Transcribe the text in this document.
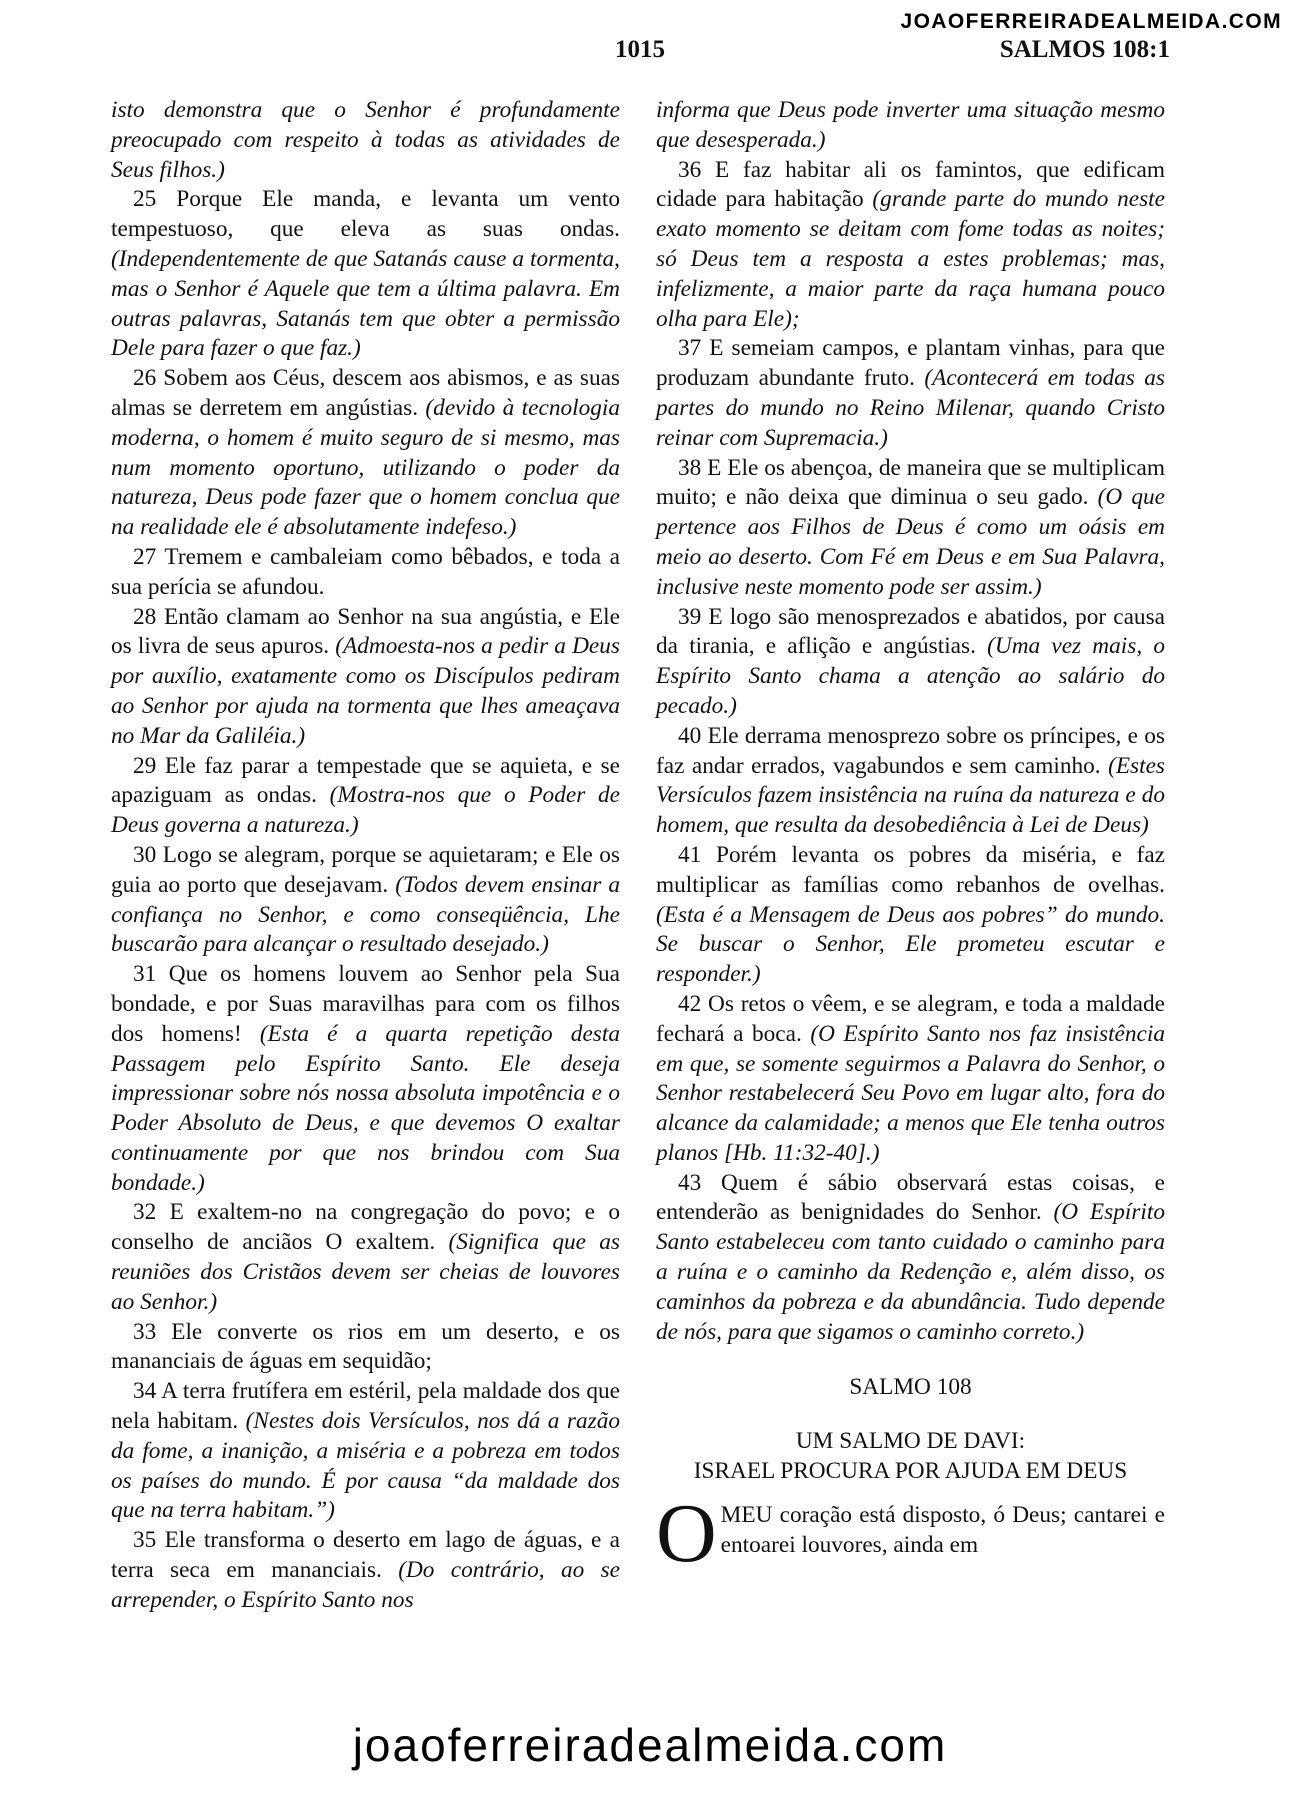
JOAOFERREIRADEALMEIDA.COM
1015	SALMOS 108:1

isto demonstra que o Senhor é profundamente preocupado com respeito à todas as atividades de Seus filhos.)

25 Porque Ele manda, e levanta um vento tempestuoso, que eleva as suas ondas. (Independentemente de que Satanás cause a tormenta, mas o Senhor é Aquele que tem a última palavra. Em outras palavras, Satanás tem que obter a permissão Dele para fazer o que faz.)

26 Sobem aos Céus, descem aos abismos, e as suas almas se derretem em angústias. (devido à tecnologia moderna, o homem é muito seguro de si mesmo, mas num momento oportuno, utilizando o poder da natureza, Deus pode fazer que o homem conclua que na realidade ele é absolutamente indefeso.)

27 Tremem e cambaleiam como bêbados, e toda a sua perícia se afundou.

28 Então clamam ao Senhor na sua angústia, e Ele os livra de seus apuros. (Admoesta-nos a pedir a Deus por auxílio, exatamente como os Discípulos pediram ao Senhor por ajuda na tormenta que lhes ameaçava no Mar da Galiléia.)

29 Ele faz parar a tempestade que se aquieta, e se apaziguam as ondas. (Mostra-nos que o Poder de Deus governa a natureza.)

30 Logo se alegram, porque se aquietaram; e Ele os guia ao porto que desejavam. (Todos devem ensinar a confiança no Senhor, e como conseqüência, Lhe buscarão para alcançar o resultado desejado.)

31 Que os homens louvem ao Senhor pela Sua bondade, e por Suas maravilhas para com os filhos dos homens! (Esta é a quarta repetição desta Passagem pelo Espírito Santo. Ele deseja impressionar sobre nós nossa absoluta impotência e o Poder Absoluto de Deus, e que devemos O exaltar continuamente por que nos brindou com Sua bondade.)

32 E exaltem-no na congregação do povo; e o conselho de anciãos O exaltem. (Significa que as reuniões dos Cristãos devem ser cheias de louvores ao Senhor.)

33 Ele converte os rios em um deserto, e os mananciais de águas em sequidão;

34 A terra frutífera em estéril, pela maldade dos que nela habitam. (Nestes dois Versículos, nos dá a razão da fome, a inanição, a miséria e a pobreza em todos os países do mundo. É por causa “da maldade dos que na terra habitam.”)

35 Ele transforma o deserto em lago de águas, e a terra seca em mananciais. (Do contrário, ao se arrepender, o Espírito Santo nos

informa que Deus pode inverter uma situação mesmo que desesperada.)

36 E faz habitar ali os famintos, que edificam cidade para habitação (grande parte do mundo neste exato momento se deitam com fome todas as noites; só Deus tem a resposta a estes problemas; mas, infelizmente, a maior parte da raça humana pouco olha para Ele);

37 E semeiam campos, e plantam vinhas, para que produzam abundante fruto. (Acontecerá em todas as partes do mundo no Reino Milenar, quando Cristo reinar com Supremacia.)

38 E Ele os abençoa, de maneira que se multiplicam muito; e não deixa que diminua o seu gado. (O que pertence aos Filhos de Deus é como um oásis em meio ao deserto. Com Fé em Deus e em Sua Palavra, inclusive neste momento pode ser assim.)

39 E logo são menosprezados e abatidos, por causa da tirania, e aflição e angústias. (Uma vez mais, o Espírito Santo chama a atenção ao salário do pecado.)

40 Ele derrama menosprezo sobre os príncipes, e os faz andar errados, vagabundos e sem caminho. (Estes Versículos fazem insistência na ruína da natureza e do homem, que resulta da desobediência à Lei de Deus)

41 Porém levanta os pobres da miséria, e faz multiplicar as famílias como rebanhos de ovelhas. (Esta é a Mensagem de Deus aos pobres” do mundo. Se buscar o Senhor, Ele prometeu escutar e responder.)

42 Os retos o vêem, e se alegram, e toda a maldade fechará a boca. (O Espírito Santo nos faz insistência em que, se somente seguirmos a Palavra do Senhor, o Senhor restabelecerá Seu Povo em lugar alto, fora do alcance da calamidade; a menos que Ele tenha outros planos [Hb. 11:32-40].)

43 Quem é sábio observará estas coisas, e entenderão as benignidades do Senhor. (O Espírito Santo estabeleceu com tanto cuidado o caminho para a ruína e o caminho da Redenção e, além disso, os caminhos da pobreza e da abundância. Tudo depende de nós, para que sigamos o caminho correto.)

SALMO 108

UM SALMO DE DAVI:
ISRAEL PROCURA POR AJUDA EM DEUS

OMEU coração está disposto, ó Deus; cantarei e entoarei louvores, ainda em

joaoferreiradealmeida.com
